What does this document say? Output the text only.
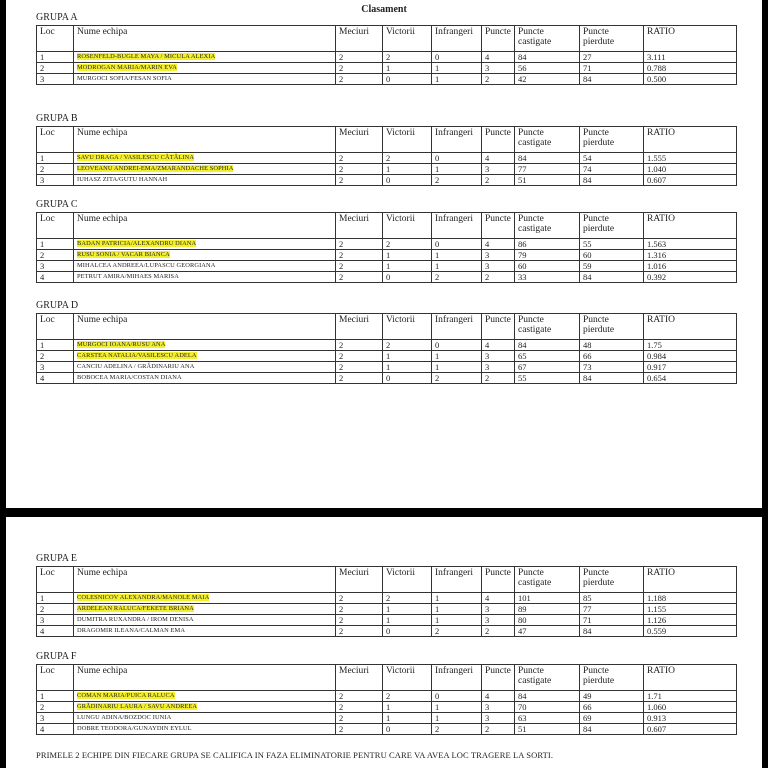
Clasament
GRUPA A
Loc	Nume echipa	Meciuri	Victorii	Infrangeri	Puncte	Puncte castigate	Puncte pierdute	RATIO
1	ROSENFELD-BUGLE MAYA / MICULA ALEXIA	2	2	0	4	84	27	3.111
2	MODROGAN MARIA/MARIN EVA	2	1	1	3	56	71	0.788
3	MURGOCI SOFIA/FESAN SOFIA	2	0	1	2	42	84	0.500
GRUPA B
Loc	Nume echipa	Meciuri	Victorii	Infrangeri	Puncte	Puncte castigate	Puncte pierdute	RATIO
1	SAVU DRAGA / VASILESCU CĂTĂLINA	2	2	0	4	84	54	1.555
2	LEOVEANU ANDREI-EMA/ZMARANDACHE SOPHIA	2	1	1	3	77	74	1.040
3	IUHASZ ZITA/GUTU HANNAH	2	0	2	2	51	84	0.607
GRUPA C
Loc	Nume echipa	Meciuri	Victorii	Infrangeri	Puncte	Puncte castigate	Puncte pierdute	RATIO
1	BADAN PATRICIA/ALEXANDRU DIANA	2	2	0	4	86	55	1.563
2	RUSU SONIA / VACAR BIANCA	2	1	1	3	79	60	1.316
3	MIHALCEA ANDREEA/LUPASCU GEORGIANA	2	1	1	3	60	59	1.016
4	PETRUT AMIRA/MIHAES MARISA	2	0	2	2	33	84	0.392
GRUPA D
Loc	Nume echipa	Meciuri	Victorii	Infrangeri	Puncte	Puncte castigate	Puncte pierdute	RATIO
1	MURGOCI IOANA/RUSU ANA	2	2	0	4	84	48	1.75
2	CARSTEA NATALIA/VASILESCU ADELA	2	1	1	3	65	66	0.984
3	CANCIU ADELINA / GRĂDINARIU ANA	2	1	1	3	67	73	0.917
4	BOBOCEA MARIA/COSTAN DIANA	2	0	2	2	55	84	0.654
PRIMELE 2 ECHIPE DIN FIECARE GRUPA SE CALIFICA IN FAZA ELIMINATORIE PENTRU CARE VA AVEA LOC TRAGERE LA SORTI.
GRUPA E
Loc	Nume echipa	Meciuri	Victorii	Infrangeri	Puncte	Puncte castigate	Puncte pierdute	RATIO
1	COLESNICOV ALEXANDRA/MANOLE MAIA	2	2	1	4	101	85	1.188
2	ARDELEAN RALUCA/FEKETE BRIANA	2	1	1	3	89	77	1.155
3	DUMITRA RUXANDRA / IROM DENISA	2	1	1	3	80	71	1.126
4	DRAGOMIR ILEANA/CALMAN EMA	2	0	2	2	47	84	0.559
GRUPA F
Loc	Nume echipa	Meciuri	Victorii	Infrangeri	Puncte	Puncte castigate	Puncte pierdute	RATIO
1	COMAN MARIA/PUICA RALUCA	2	2	0	4	84	49	1.71
2	GRĂDINARIU LAURA / SAVU ANDREEA	2	1	1	3	70	66	1.060
3	LUNGU ADINA/BOZDOC IUNIA	2	1	1	3	63	69	0.913
4	DOBRE TEODORA/GUNAYDIN EYLUL	2	0	2	2	51	84	0.607
